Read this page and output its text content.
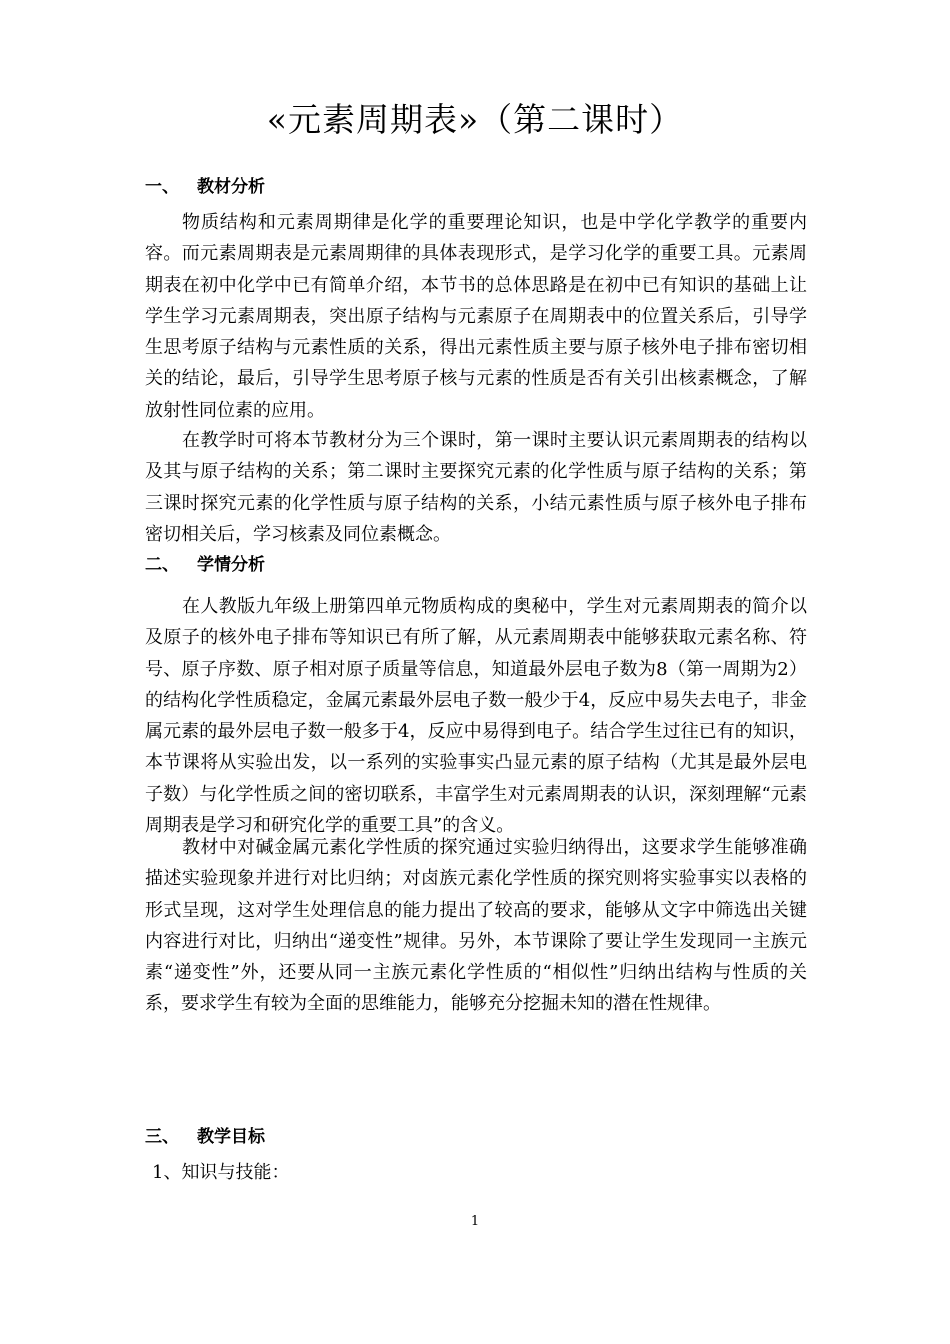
«元素周期表»（第二课时）
一、 教材分析

物质结构和元素周期律是化学的重要理论知识，也是中学化学教学的重要内容。而元素周期表是元素周期律的具体表现形式，是学习化学的重要工具。元素周期表在初中化学中已有简单介绍，本节书的总体思路是在初中已有知识的基础上让学生学习元素周期表，突出原子结构与元素原子在周期表中的位置关系后，引导学生思考原子结构与元素性质的关系，得出元素性质主要与原子核外电子排布密切相关的结论，最后，引导学生思考原子核与元素的性质是否有关引出核素概念，了解放射性同位素的应用。

在教学时可将本节教材分为三个课时，第一课时主要认识元素周期表的结构以及其与原子结构的关系；第二课时主要探究元素的化学性质与原子结构的关系；第三课时探究元素的化学性质与原子结构的关系，小结元素性质与原子核外电子排布密切相关后，学习核素及同位素概念。

二、 学情分析

在人教版九年级上册第四单元物质构成的奥秘中，学生对元素周期表的简介以及原子的核外电子排布等知识已有所了解，从元素周期表中能够获取元素名称、符号、原子序数、原子相对原子质量等信息，知道最外层电子数为8（第一周期为2）的结构化学性质稳定，金属元素最外层电子数一般少于4，反应中易失去电子，非金属元素的最外层电子数一般多于4，反应中易得到电子。结合学生过往已有的知识，本节课将从实验出发，以一系列的实验事实凸显元素的原子结构（尤其是最外层电子数）与化学性质之间的密切联系，丰富学生对元素周期表的认识，深刻理解“元素周期表是学习和研究化学的重要工具”的含义。

教材中对碱金属元素化学性质的探究通过实验归纳得出，这要求学生能够准确描述实验现象并进行对比归纳；对卤族元素化学性质的探究则将实验事实以表格的形式呈现，这对学生处理信息的能力提出了较高的要求，能够从文字中筛选出关键内容进行对比，归纳出“递变性”规律。另外，本节课除了要让学生发现同一主族元素“递变性”外，还要从同一主族元素化学性质的“相似性”归纳出结构与性质的关系，要求学生有较为全面的思维能力，能够充分挖掘未知的潜在性规律。

三、 教学目标

1、知识与技能：

1
